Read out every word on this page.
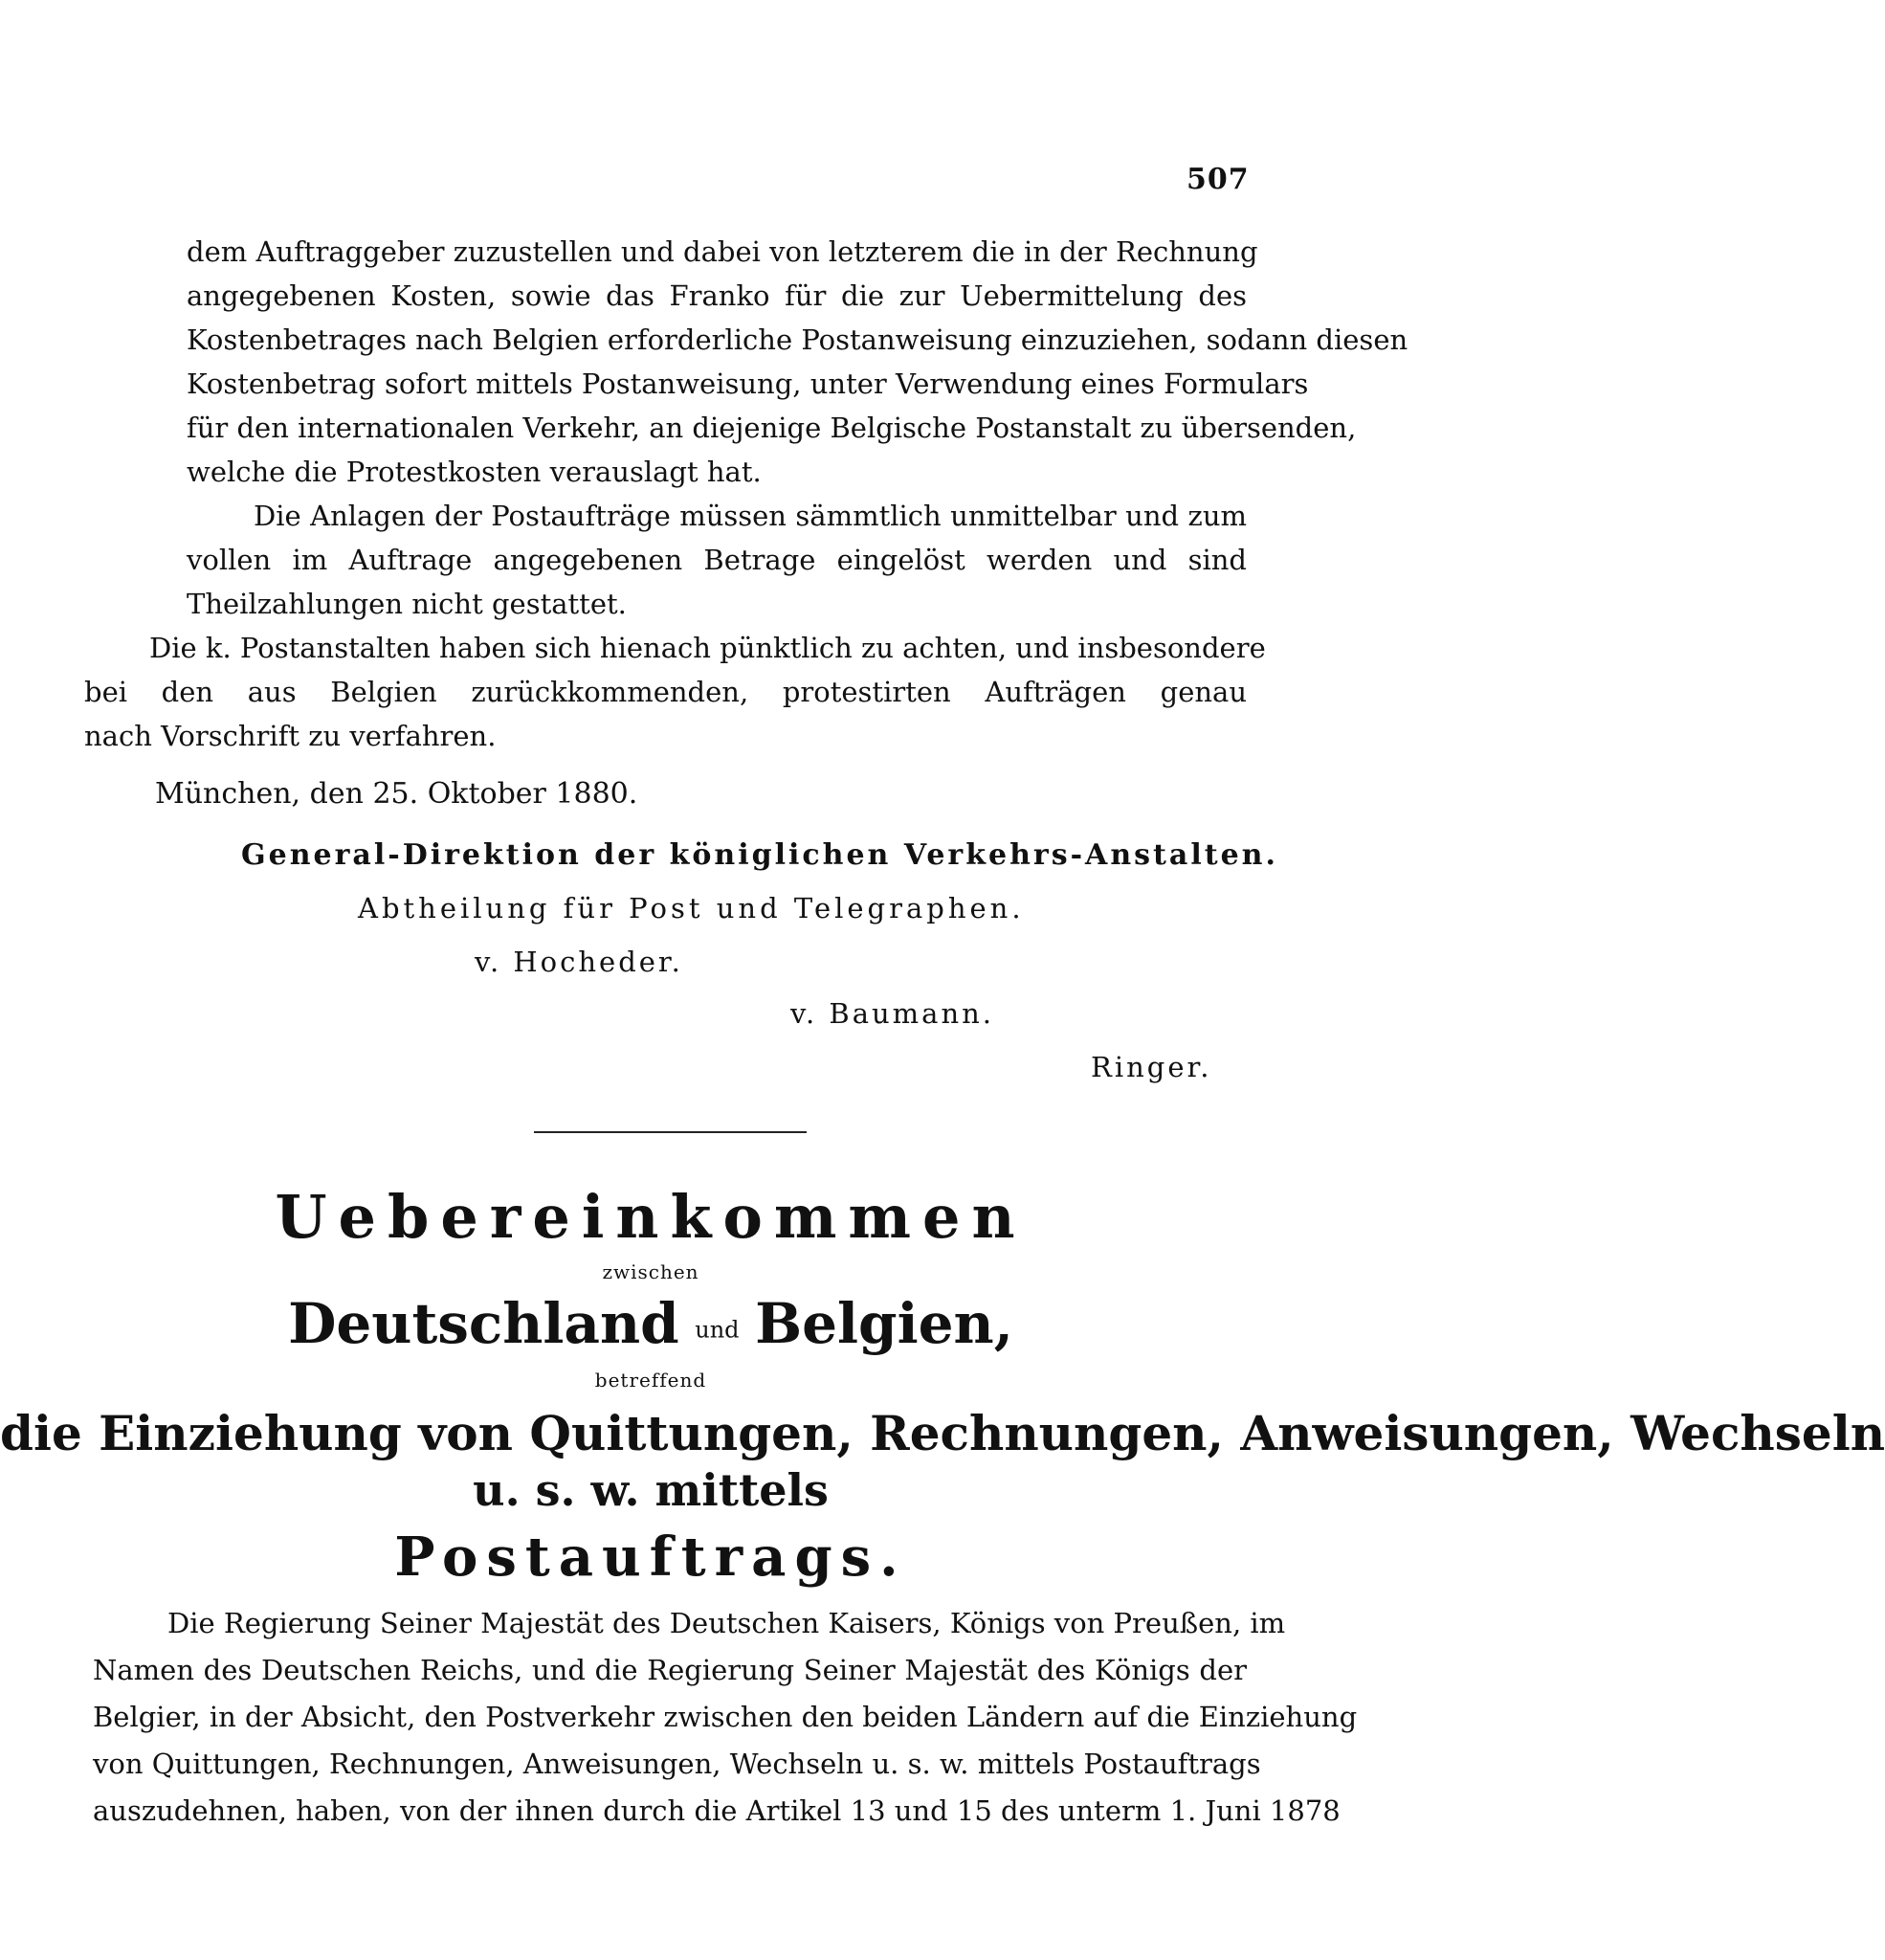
507
dem Auftraggeber zuzustellen und dabei von letzterem die in der Rechnung
angegebenen Kosten, sowie das Franko für die zur Uebermittelung des
Kostenbetrages nach Belgien erforderliche Postanweisung einzuziehen, sodann diesen
Kostenbetrag sofort mittels Postanweisung, unter Verwendung eines Formulars
für den internationalen Verkehr, an diejenige Belgische Postanstalt zu übersenden,
welche die Protestkosten verauslagt hat.
Die Anlagen der Postaufträge müssen sämmtlich unmittelbar und zum
vollen im Auftrage angegebenen Betrage eingelöst werden und sind
Theilzahlungen nicht gestattet.
Die k. Postanstalten haben sich hienach pünktlich zu achten, und insbesondere
bei den aus Belgien zurückkommenden, protestirten Aufträgen genau
nach Vorschrift zu verfahren.
München, den 25. Oktober 1880.
General-Direktion der königlichen Verkehrs-Anstalten.
Abtheilung für Post und Telegraphen.
v. Hocheder.
v. Baumann.
Ringer.
Uebereinkommen
zwischen
Deutschland und Belgien,
betreffend
die Einziehung von Quittungen, Rechnungen, Anweisungen, Wechseln
u. s. w. mittels
Postauftrags.
Die Regierung Seiner Majestät des Deutschen Kaisers, Königs von Preußen, im
Namen des Deutschen Reichs, und die Regierung Seiner Majestät des Königs der
Belgier, in der Absicht, den Postverkehr zwischen den beiden Ländern auf die Einziehung
von Quittungen, Rechnungen, Anweisungen, Wechseln u. s. w. mittels Postauftrags
auszudehnen, haben, von der ihnen durch die Artikel 13 und 15 des unterm 1. Juni 1878
